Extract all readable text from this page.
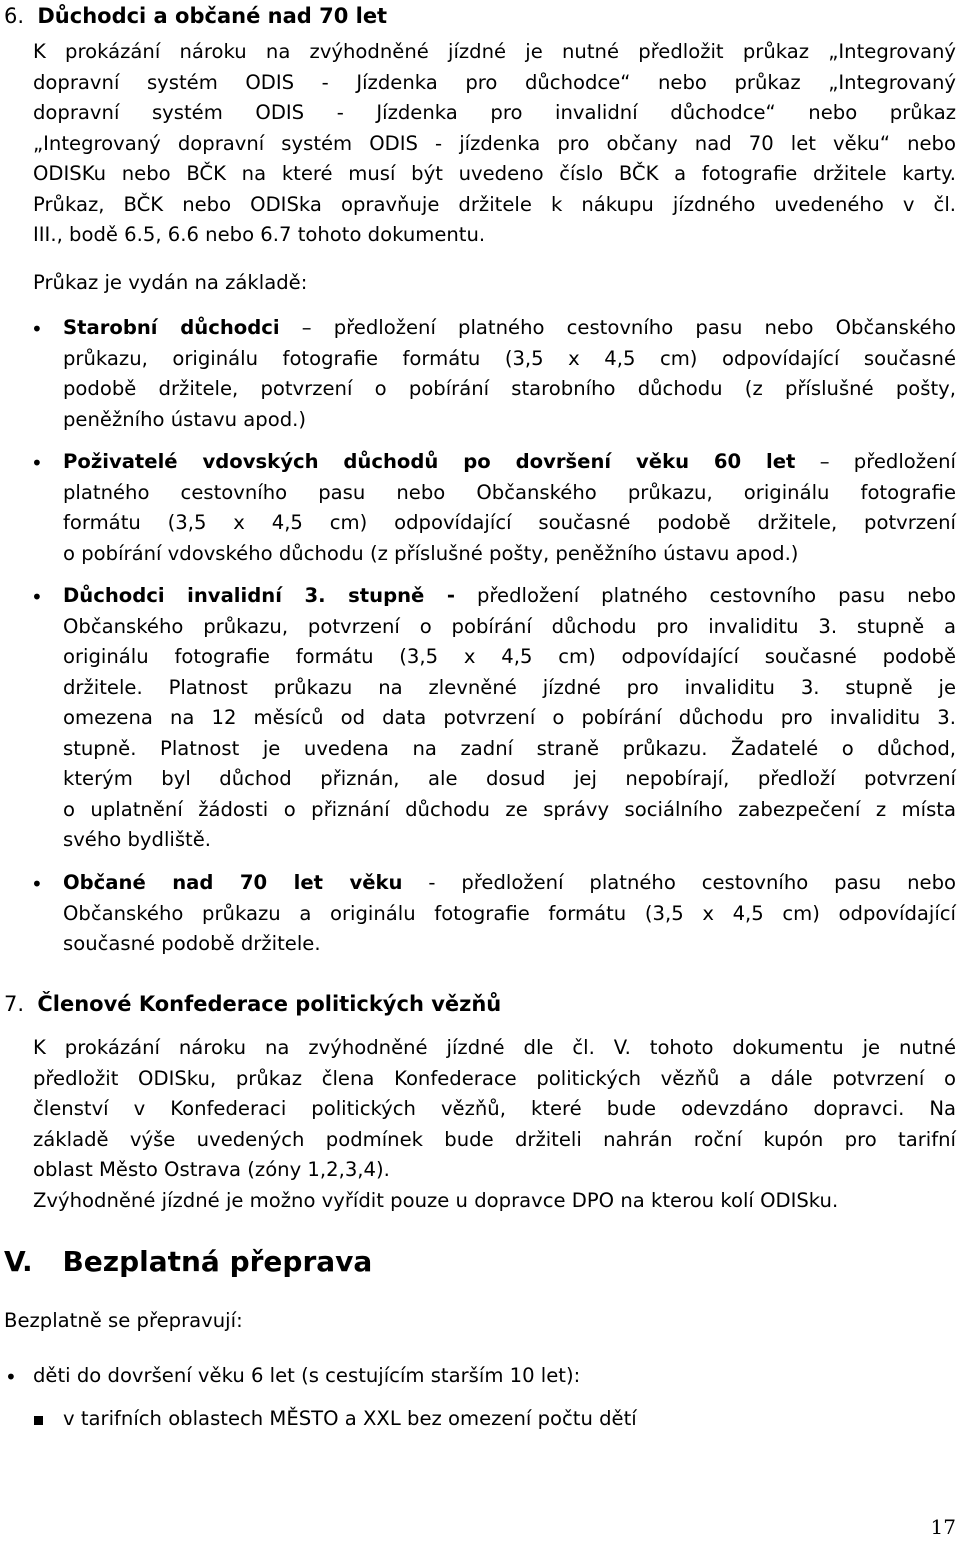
6. Důchodci a občané nad 70 let
K prokázání nároku na zvýhodněné jízdné je nutné předložit průkaz „Integrovaný
dopravní systém ODIS - Jízdenka pro důchodce“ nebo průkaz „Integrovaný
dopravní systém ODIS - Jízdenka pro invalidní důchodce“ nebo průkaz
„Integrovaný dopravní systém ODIS - jízdenka pro občany nad 70 let věku“ nebo
ODISKu nebo BČK na které musí být uvedeno číslo BČK a fotografie držitele karty.
Průkaz, BČK nebo ODISka opravňuje držitele k nákupu jízdného uvedeného v čl.
III., bodě 6.5, 6.6 nebo 6.7 tohoto dokumentu.
Průkaz je vydán na základě:
• Starobní důchodci – předložení platného cestovního pasu nebo Občanského
průkazu, originálu fotografie formátu (3,5 x 4,5 cm) odpovídající současné
podobě držitele, potvrzení o pobírání starobního důchodu (z příslušné pošty,
peněžního ústavu apod.)
• Poživatelé vdovských důchodů po dovršení věku 60 let – předložení
platného cestovního pasu nebo Občanského průkazu, originálu fotografie
formátu (3,5 x 4,5 cm) odpovídající současné podobě držitele, potvrzení
o pobírání vdovského důchodu (z příslušné pošty, peněžního ústavu apod.)
• Důchodci invalidní 3. stupně - předložení platného cestovního pasu nebo
Občanského průkazu, potvrzení o pobírání důchodu pro invaliditu 3. stupně a
originálu fotografie formátu (3,5 x 4,5 cm) odpovídající současné podobě
držitele. Platnost průkazu na zlevněné jízdné pro invaliditu 3. stupně je
omezena na 12 měsíců od data potvrzení o pobírání důchodu pro invaliditu 3.
stupně. Platnost je uvedena na zadní straně průkazu. Žadatelé o důchod,
kterým byl důchod přiznán, ale dosud jej nepobírají, předloží potvrzení
o uplatnění žádosti o přiznání důchodu ze správy sociálního zabezpečení z místa
svého bydliště.
• Občané nad 70 let věku - předložení platného cestovního pasu nebo
Občanského průkazu a originálu fotografie formátu (3,5 x 4,5 cm) odpovídající
současné podobě držitele.
7. Členové Konfederace politických vězňů
K prokázání nároku na zvýhodněné jízdné dle čl. V. tohoto dokumentu je nutné
předložit ODISku, průkaz člena Konfederace politických vězňů a dále potvrzení o
členství v Konfederaci politických vězňů, které bude odevzdáno dopravci. Na
základě výše uvedených podmínek bude držiteli nahrán roční kupón pro tarifní
oblast Město Ostrava (zóny 1,2,3,4).
Zvýhodněné jízdné je možno vyřídit pouze u dopravce DPO na kterou kolí ODISku.
V. Bezplatná přeprava
Bezplatně se přepravují:
• děti do dovršení věku 6 let (s cestujícím starším 10 let):
v tarifních oblastech MĚSTO a XXL bez omezení počtu dětí
17
